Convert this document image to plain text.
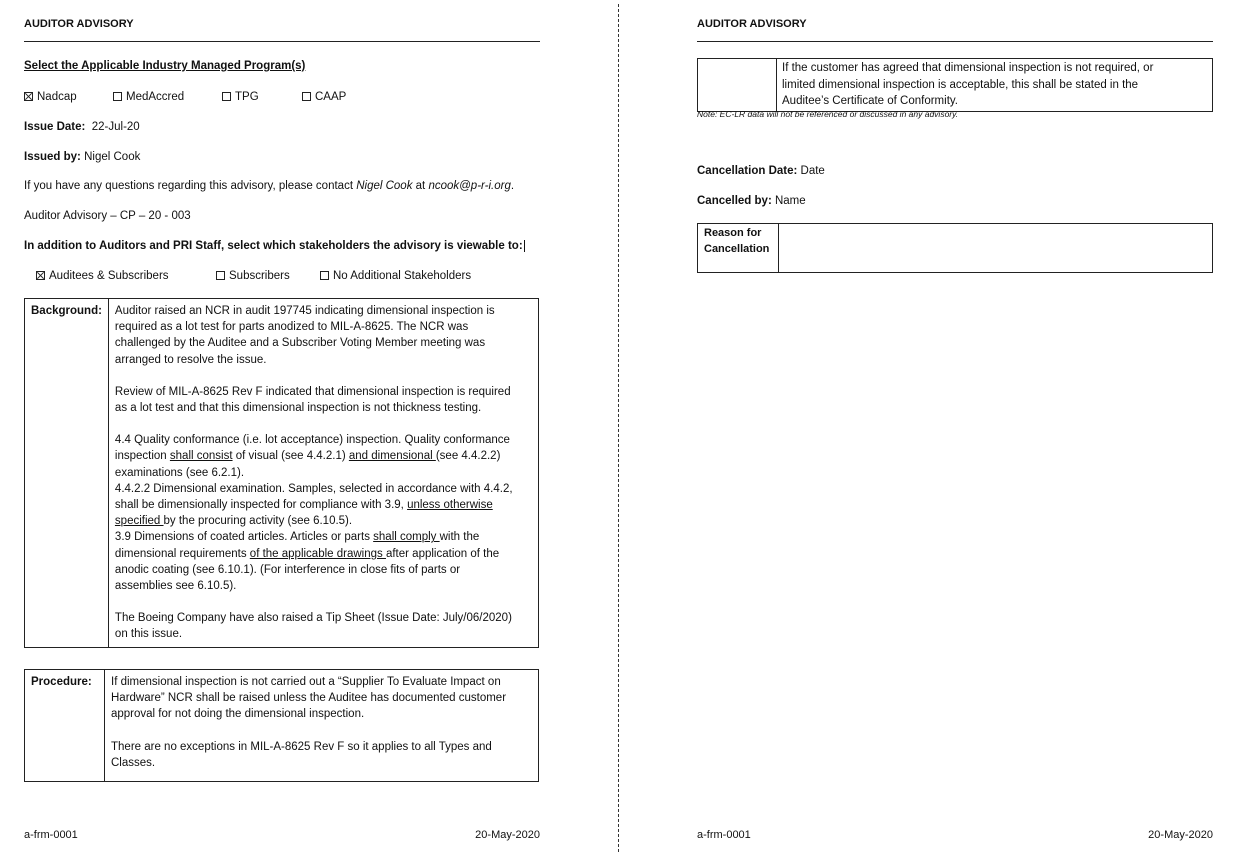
AUDITOR ADVISORY
Select the Applicable Industry Managed Program(s)
Nadcap	MedAccred	TPG	CAAP
Issue Date: 22-Jul-20
Issued by: Nigel Cook
If you have any questions regarding this advisory, please contact Nigel Cook at ncook@p-r-i.org.
Auditor Advisory – CP – 20 - 003
In addition to Auditors and PRI Staff, select which stakeholders the advisory is viewable to:
Auditees & Subscribers	Subscribers	No Additional Stakeholders
Background:	Auditor raised an NCR in audit 197745 indicating dimensional inspection is
required as a lot test for parts anodized to MIL-A-8625. The NCR was
challenged by the Auditee and a Subscriber Voting Member meeting was
arranged to resolve the issue.
Review of MIL-A-8625 Rev F indicated that dimensional inspection is required
as a lot test and that this dimensional inspection is not thickness testing.
4.4 Quality conformance (i.e. lot acceptance) inspection. Quality conformance
inspection shall consist of visual (see 4.4.2.1) and dimensional (see 4.4.2.2)
examinations (see 6.2.1).
4.4.2.2 Dimensional examination. Samples, selected in accordance with 4.4.2,
shall be dimensionally inspected for compliance with 3.9, unless otherwise
specified by the procuring activity (see 6.10.5).
3.9 Dimensions of coated articles. Articles or parts shall comply with the
dimensional requirements of the applicable drawings after application of the
anodic coating (see 6.10.1). (For interference in close fits of parts or
assemblies see 6.10.5).
The Boeing Company have also raised a Tip Sheet (Issue Date: July/06/2020)
on this issue.
Procedure:	If dimensional inspection is not carried out a “Supplier To Evaluate Impact on
Hardware” NCR shall be raised unless the Auditee has documented customer
approval for not doing the dimensional inspection.
There are no exceptions in MIL-A-8625 Rev F so it applies to all Types and
Classes.
a-frm-0001	20-May-2020
AUDITOR ADVISORY

If the customer has agreed that dimensional inspection is not required, or
limited dimensional inspection is acceptable, this shall be stated in the
Auditee’s Certificate of Conformity.
Note: EC-LR data will not be referenced or discussed in any advisory.
Cancellation Date: Date
Cancelled by: Name
Reason for
Cancellation

a-frm-0001	20-May-2020
